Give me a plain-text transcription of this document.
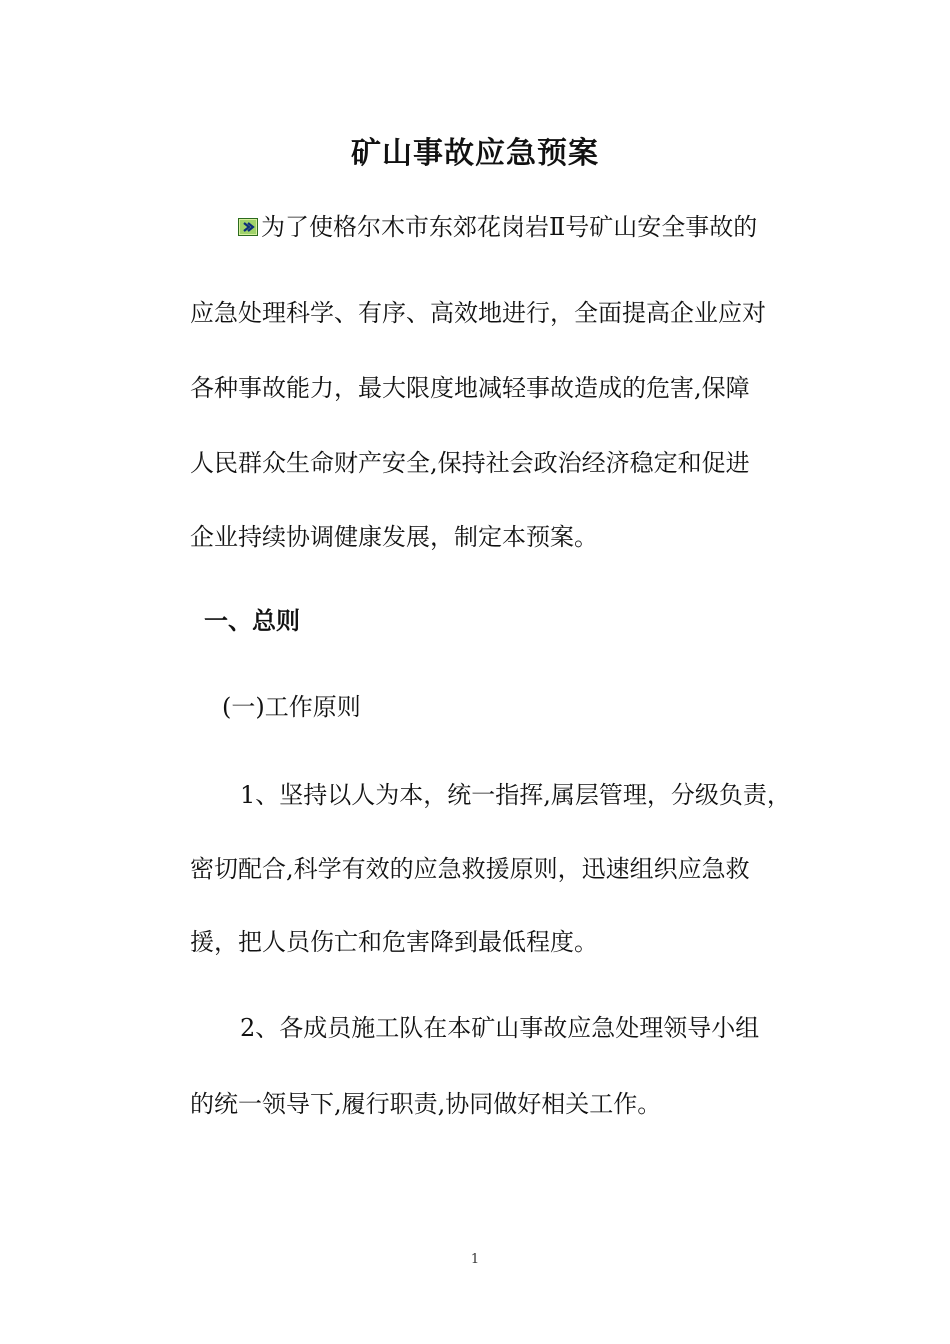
矿山事故应急预案
为了使格尔木市东郊花岗岩Ⅱ号矿山安全事故的
应急处理科学、有序、高效地进行，全面提高企业应对
各种事故能力，最大限度地减轻事故造成的危害,保障
人民群众生命财产安全,保持社会政治经济稳定和促进
企业持续协调健康发展，制定本预案。
一、总则
(一)工作原则
1、坚持以人为本，统一指挥,属层管理，分级负责，
密切配合,科学有效的应急救援原则，迅速组织应急救
援，把人员伤亡和危害降到最低程度。
2、各成员施工队在本矿山事故应急处理领导小组
的统一领导下,履行职责,协同做好相关工作。
1
